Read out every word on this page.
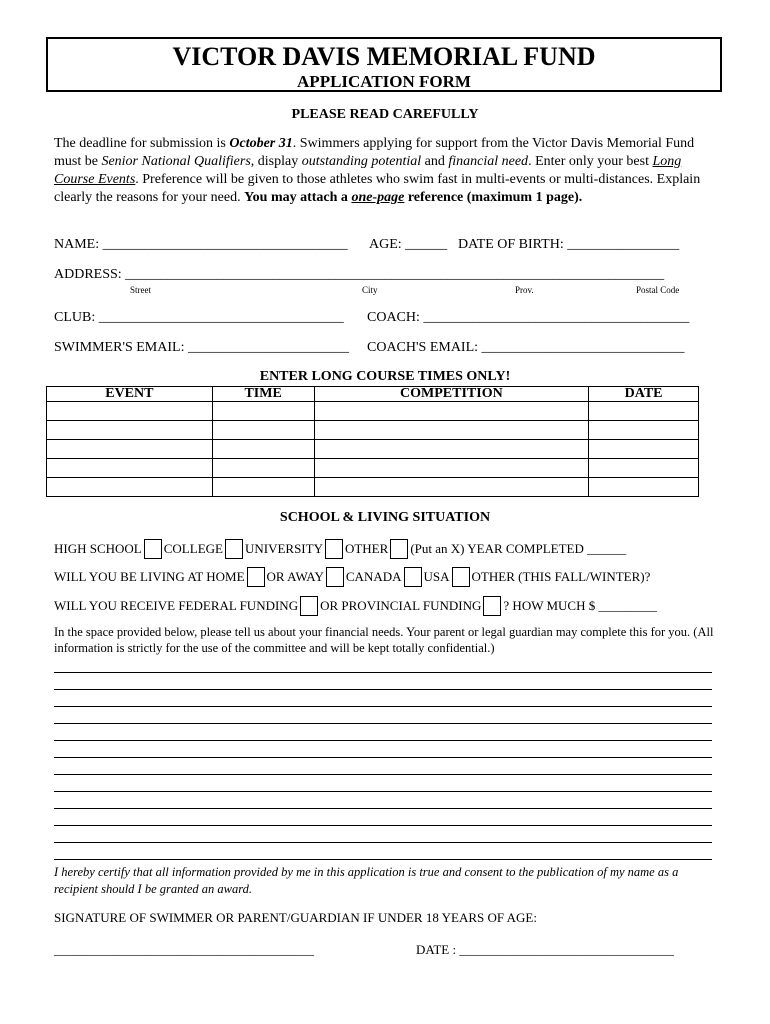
VICTOR DAVIS MEMORIAL FUND
APPLICATION FORM
PLEASE READ CAREFULLY
The deadline for submission is October 31. Swimmers applying for support from the Victor Davis Memorial Fund must be Senior National Qualifiers, display outstanding potential and financial need. Enter only your best Long Course Events. Preference will be given to those athletes who swim fast in multi-events or multi-distances. Explain clearly the reasons for your need. You may attach a one-page reference (maximum 1 page).
NAME: ___________________________________ AGE: ______ DATE OF BIRTH: ________________
ADDRESS: _____________________________________________________________________________
Street	City	Prov.	Postal Code
CLUB: ___________________________________ COACH: ______________________________________
SWIMMER'S EMAIL: _______________________ COACH'S EMAIL: _____________________________
ENTER LONG COURSE TIMES ONLY!
EVENT	TIME	COMPETITION	DATE

SCHOOL & LIVING SITUATION
HIGH SCHOOL COLLEGE UNIVERSITY OTHER (Put an X) YEAR COMPLETED ______
WILL YOU BE LIVING AT HOME OR AWAY CANADA USA OTHER (THIS FALL/WINTER)?
WILL YOU RECEIVE FEDERAL FUNDING OR PROVINCIAL FUNDING ? HOW MUCH $ _________
In the space provided below, please tell us about your financial needs. Your parent or legal guardian may complete this for you. (All information is strictly for the use of the committee and will be kept totally confidential.)
I hereby certify that all information provided by me in this application is true and consent to the publication of my name as a recipient should I be granted an award.
SIGNATURE OF SWIMMER OR PARENT/GUARDIAN IF UNDER 18 YEARS OF AGE:
________________________________________	DATE : _________________________________
